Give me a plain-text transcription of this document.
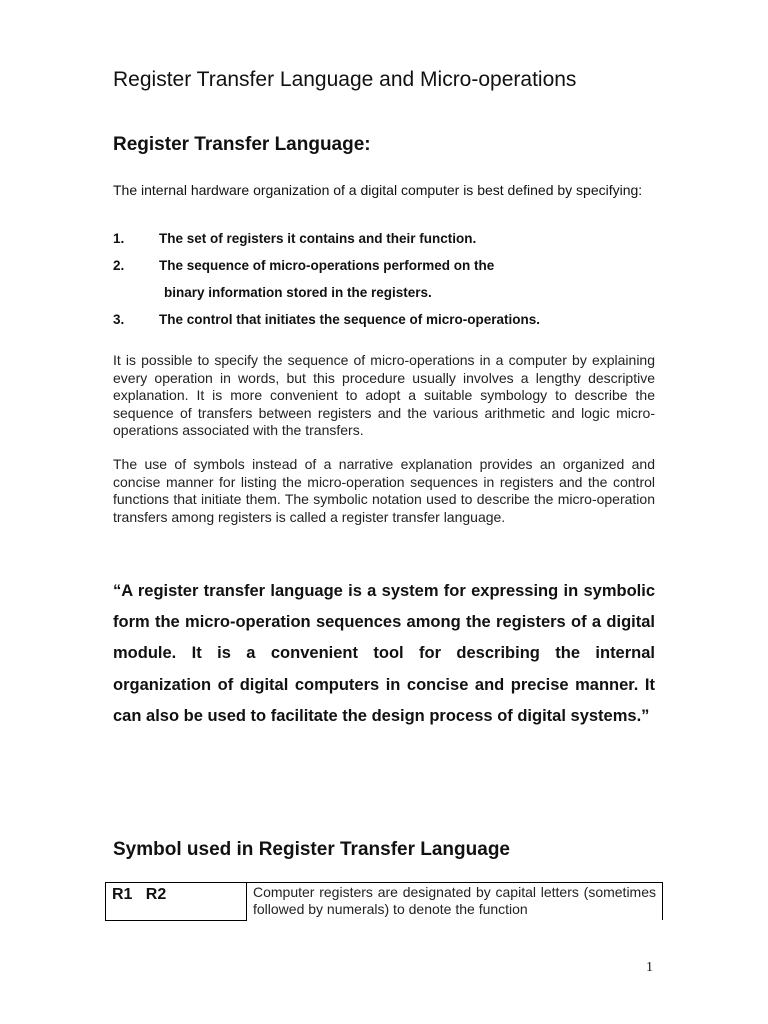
Register Transfer Language and Micro-operations
Register Transfer Language:

The internal hardware organization of a digital computer is best defined by specifying:

1.	The set of registers it contains and their function.
2.	The sequence of micro-operations performed on the
binary information stored in the registers.
3.	The control that initiates the sequence of micro-operations.

It is possible to specify the sequence of micro-operations in a computer by explaining every operation in words, but this procedure usually involves a lengthy descriptive explanation. It is more convenient to adopt a suitable symbology to describe the sequence of transfers between registers and the various arithmetic and logic micro-operations associated with the transfers.

The use of symbols instead of a narrative explanation provides an organized and concise manner for listing the micro-operation sequences in registers and the control functions that initiate them. The symbolic notation used to describe the micro-operation transfers among registers is called a register transfer language.

“A register transfer language is a system for expressing in symbolic form the micro-operation sequences among the registers of a digital module. It is a convenient tool for describing the internal organization of digital computers in concise and precise manner. It can also be used to facilitate the design process of digital systems.”

Symbol used in Register Transfer Language
R1   R2	Computer registers are designated by capital letters (sometimes followed by numerals) to denote the function
1
